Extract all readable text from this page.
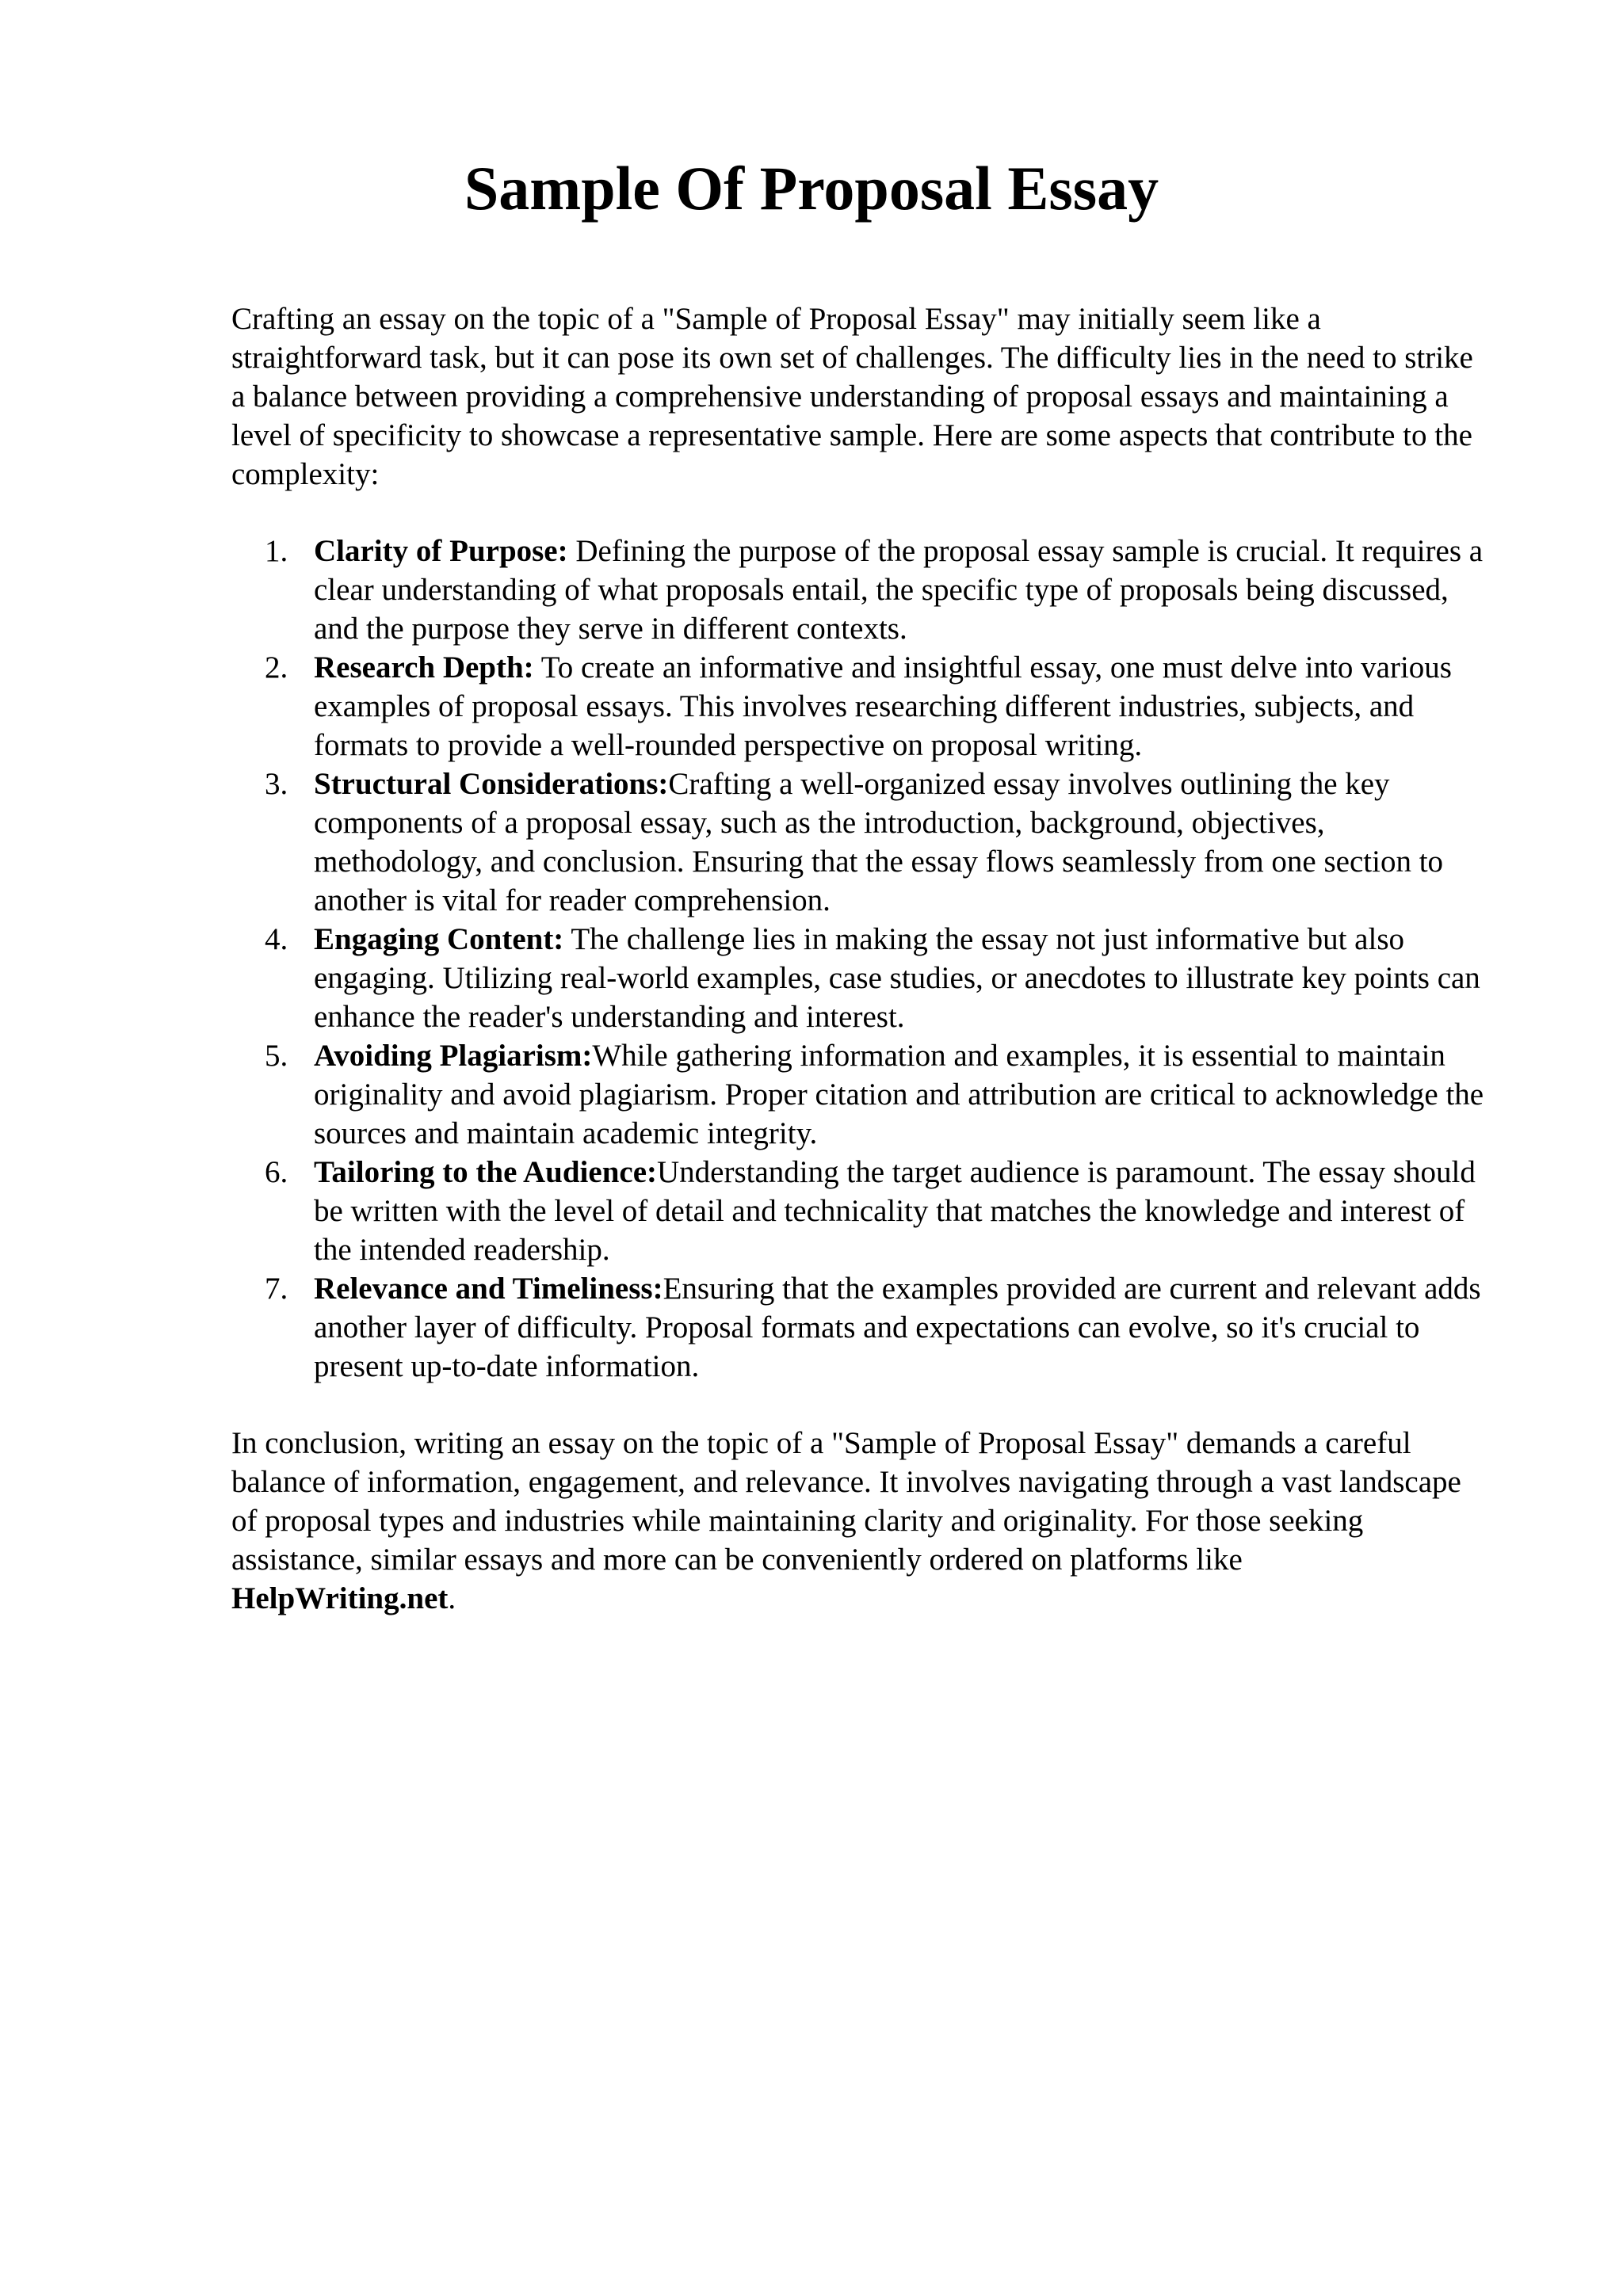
Sample Of Proposal Essay

Crafting an essay on the topic of a "Sample of Proposal Essay" may initially seem like a straightforward task, but it can pose its own set of challenges. The difficulty lies in the need to strike a balance between providing a comprehensive understanding of proposal essays and maintaining a level of specificity to showcase a representative sample. Here are some aspects that contribute to the complexity:

1. Clarity of Purpose: Defining the purpose of the proposal essay sample is crucial. It requires a clear understanding of what proposals entail, the specific type of proposals being discussed, and the purpose they serve in different contexts.
2. Research Depth: To create an informative and insightful essay, one must delve into various examples of proposal essays. This involves researching different industries, subjects, and formats to provide a well-rounded perspective on proposal writing.
3. Structural Considerations:Crafting a well-organized essay involves outlining the key components of a proposal essay, such as the introduction, background, objectives, methodology, and conclusion. Ensuring that the essay flows seamlessly from one section to another is vital for reader comprehension.
4. Engaging Content: The challenge lies in making the essay not just informative but also engaging. Utilizing real-world examples, case studies, or anecdotes to illustrate key points can enhance the reader's understanding and interest.
5. Avoiding Plagiarism:While gathering information and examples, it is essential to maintain originality and avoid plagiarism. Proper citation and attribution are critical to acknowledge the sources and maintain academic integrity.
6. Tailoring to the Audience:Understanding the target audience is paramount. The essay should be written with the level of detail and technicality that matches the knowledge and interest of the intended readership.
7. Relevance and Timeliness:Ensuring that the examples provided are current and relevant adds another layer of difficulty. Proposal formats and expectations can evolve, so it's crucial to present up-to-date information.

In conclusion, writing an essay on the topic of a "Sample of Proposal Essay" demands a careful balance of information, engagement, and relevance. It involves navigating through a vast landscape of proposal types and industries while maintaining clarity and originality. For those seeking assistance, similar essays and more can be conveniently ordered on platforms like
HelpWriting.net.
